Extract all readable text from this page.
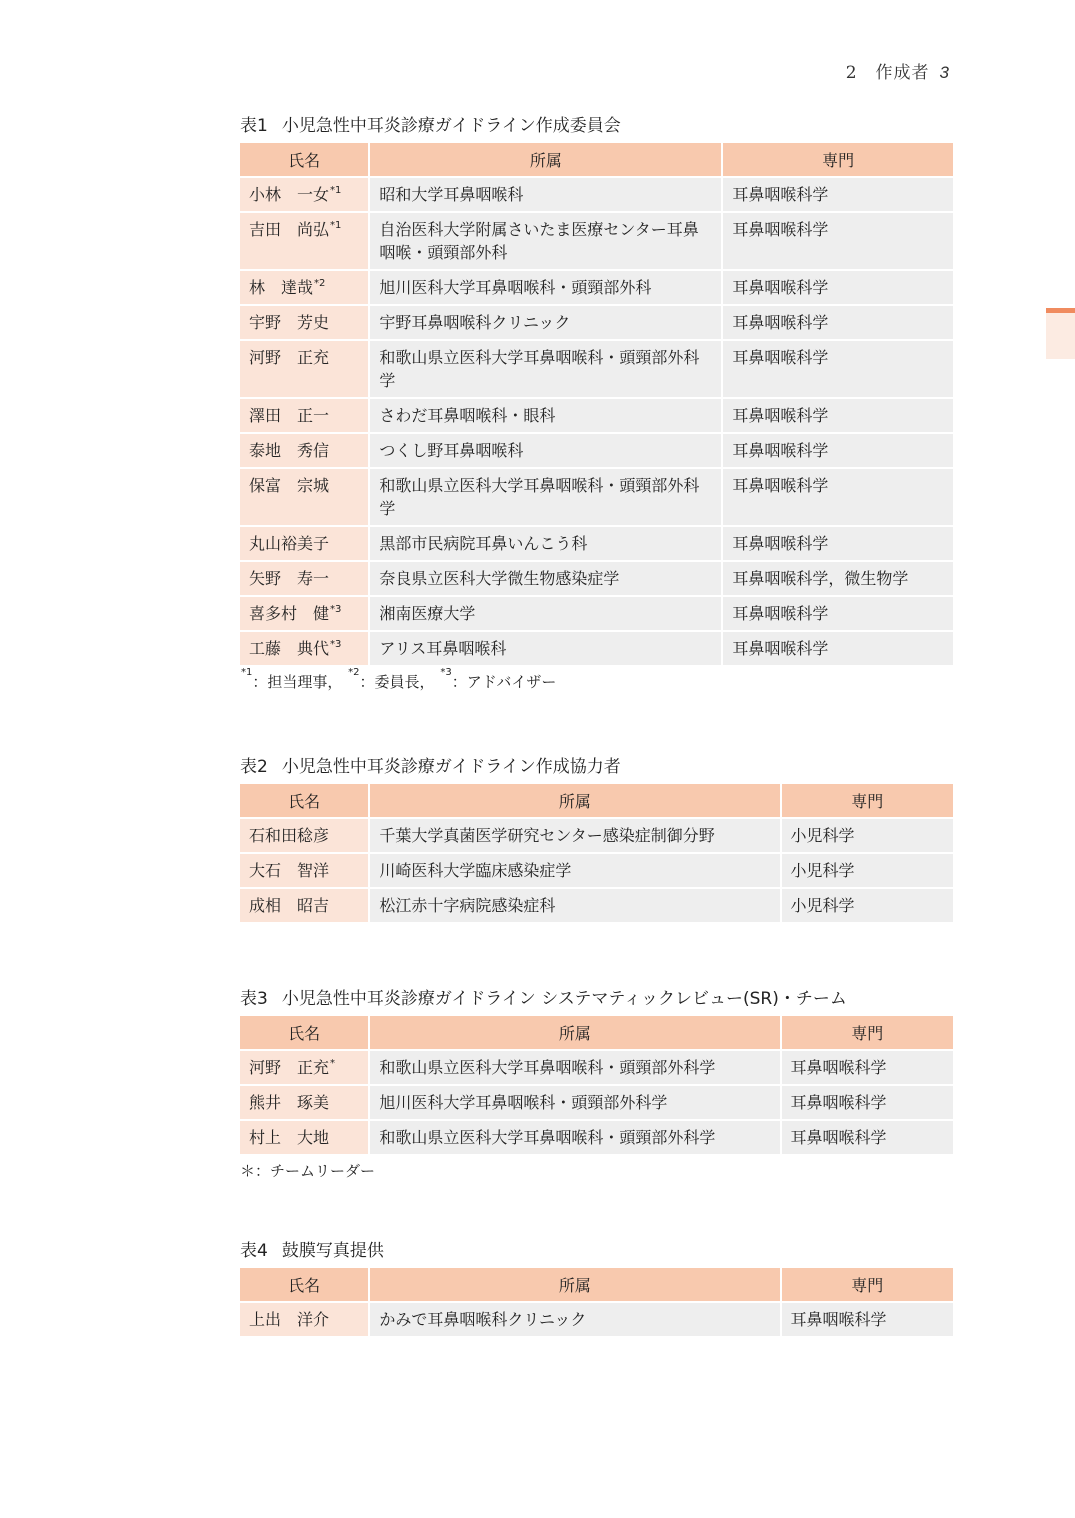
2　作成者 3
表1 小児急性中耳炎診療ガイドライン作成委員会
氏名	所属	専門
小林　一女$^{*1}$	昭和大学耳鼻咽喉科	耳鼻咽喉科学
吉田　尚弘$^{*1}$	自治医科大学附属さいたま医療センター耳鼻咽喉・頭頸部外科	耳鼻咽喉科学
林　達哉$^{*2}$	旭川医科大学耳鼻咽喉科・頭頸部外科	耳鼻咽喉科学
宇野　芳史	宇野耳鼻咽喉科クリニック	耳鼻咽喉科学
河野　正充	和歌山県立医科大学耳鼻咽喉科・頭頸部外科学	耳鼻咽喉科学
澤田　正一	さわだ耳鼻咽喉科・眼科	耳鼻咽喉科学
泰地　秀信	つくし野耳鼻咽喉科	耳鼻咽喉科学
保富　宗城	和歌山県立医科大学耳鼻咽喉科・頭頸部外科学	耳鼻咽喉科学
丸山裕美子	黒部市民病院耳鼻いんこう科	耳鼻咽喉科学
矢野　寿一	奈良県立医科大学微生物感染症学	耳鼻咽喉科学，微生物学
喜多村　健$^{*3}$	湘南医療大学	耳鼻咽喉科学
工藤　典代$^{*3}$	アリス耳鼻咽喉科	耳鼻咽喉科学
$^{*1}$：担当理事， $^{*2}$：委員長， $^{*3}$：アドバイザー
表2 小児急性中耳炎診療ガイドライン作成協力者
氏名	所属	専門
石和田稔彦	千葉大学真菌医学研究センター感染症制御分野	小児科学
大石　智洋	川崎医科大学臨床感染症学	小児科学
成相　昭吉	松江赤十字病院感染症科	小児科学
表3 小児急性中耳炎診療ガイドライン システマティックレビュー(SR)・チーム
氏名	所属	専門
河野　正充*	和歌山県立医科大学耳鼻咽喉科・頭頸部外科学	耳鼻咽喉科学
熊井　琢美	旭川医科大学耳鼻咽喉科・頭頸部外科学	耳鼻咽喉科学
村上　大地	和歌山県立医科大学耳鼻咽喉科・頭頸部外科学	耳鼻咽喉科学
＊：チームリーダー
表4 鼓膜写真提供
氏名	所属	専門
上出　洋介	かみで耳鼻咽喉科クリニック	耳鼻咽喉科学
